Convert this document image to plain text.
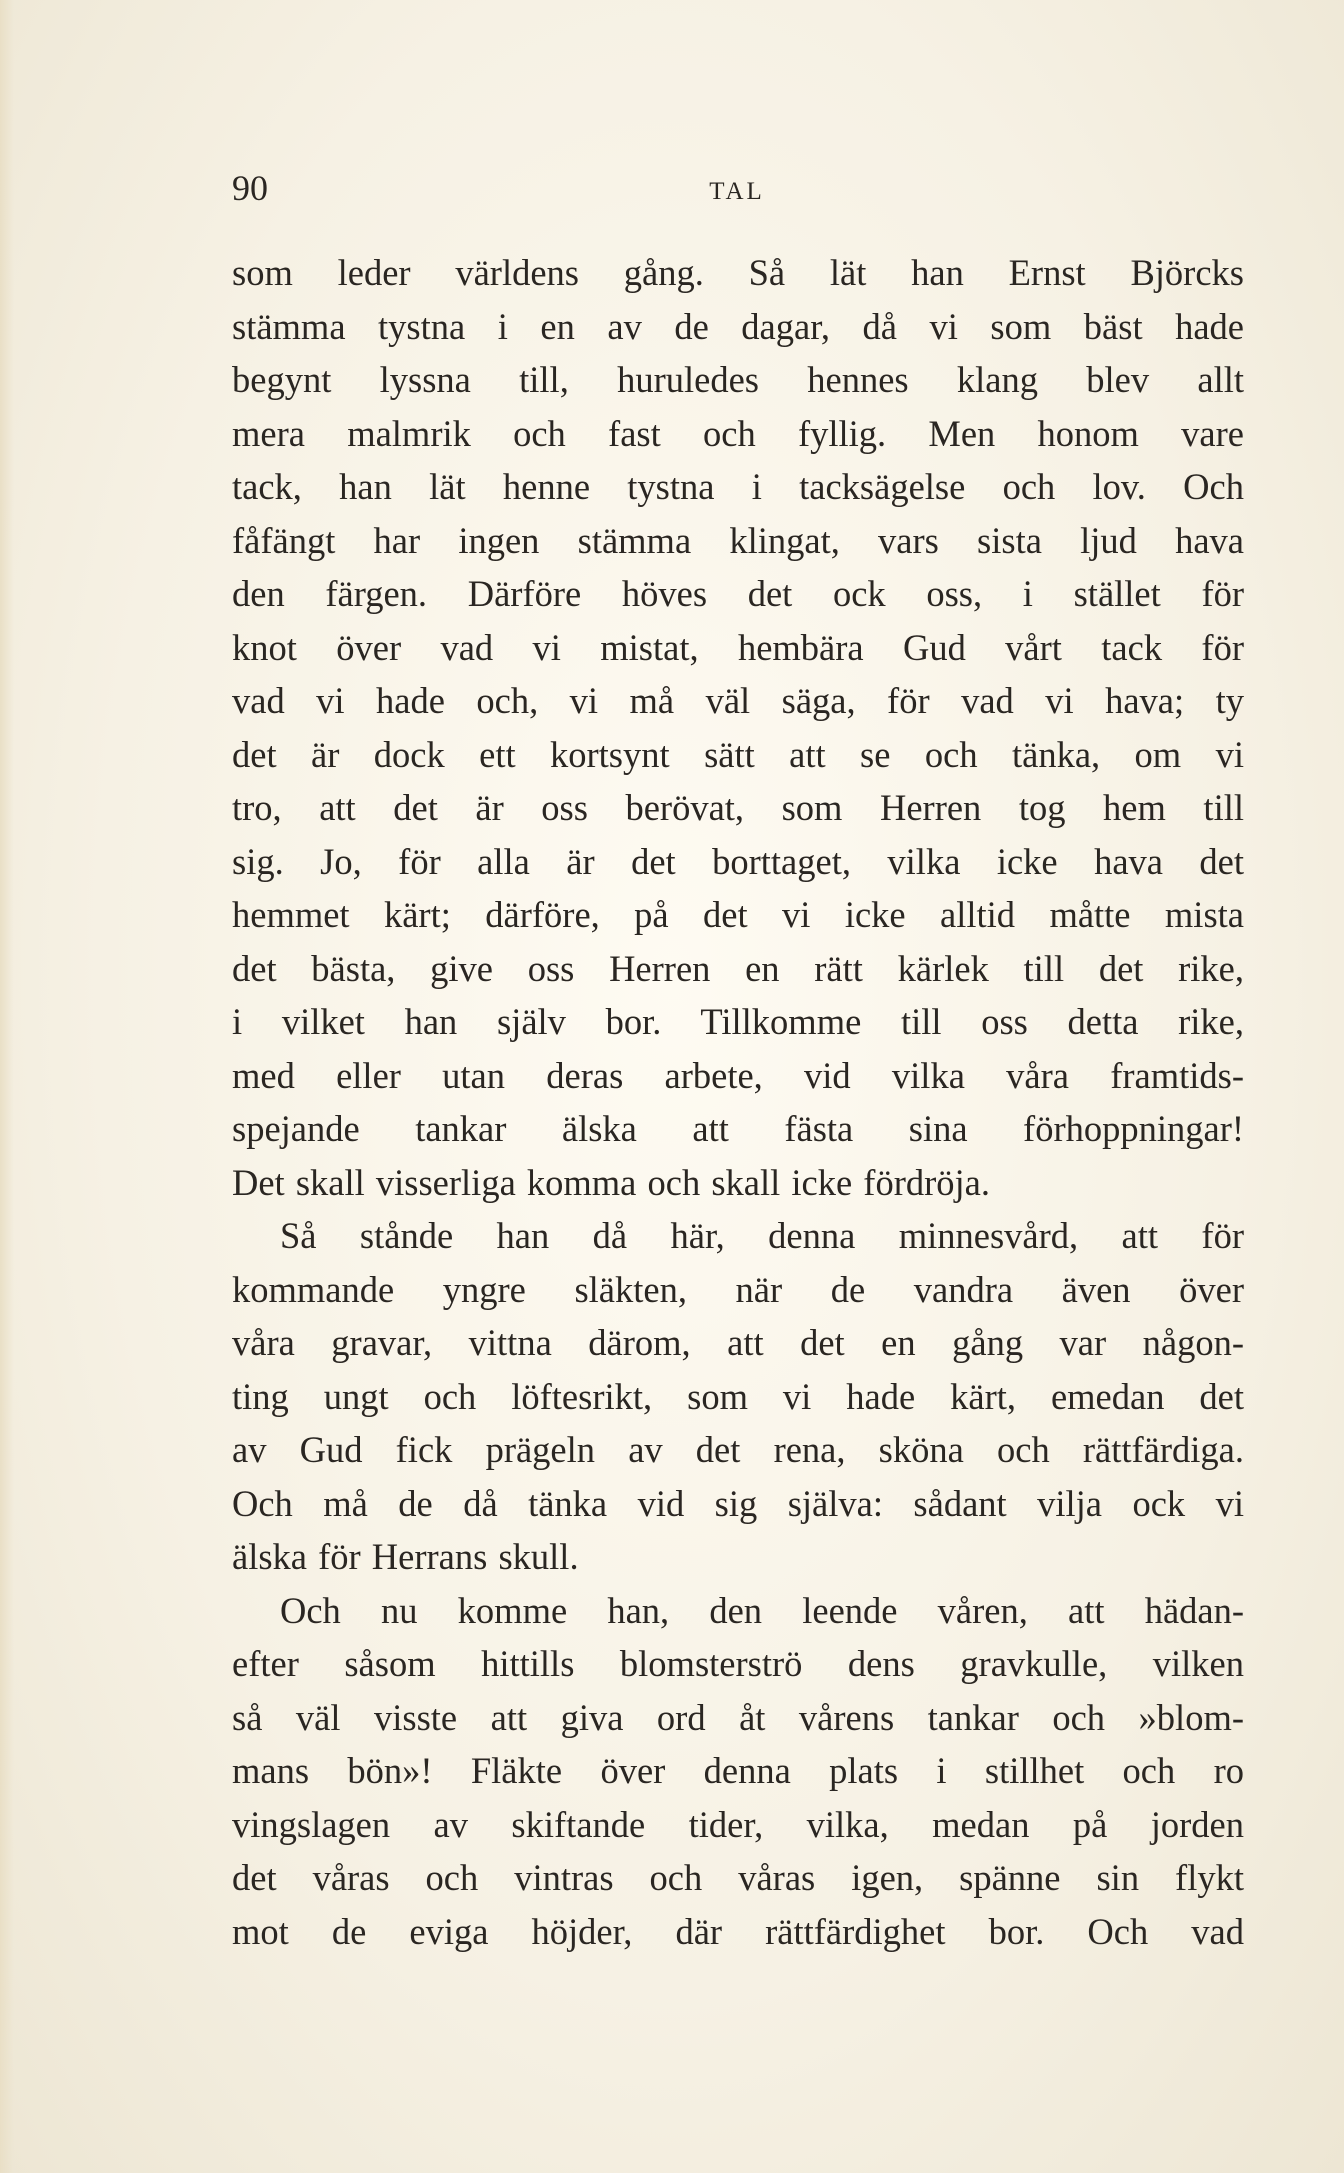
90	TAL
som leder världens gång. Så lät han Ernst Björcks
stämma tystna i en av de dagar, då vi som bäst hade
begynt lyssna till, huruledes hennes klang blev allt
mera malmrik och fast och fyllig. Men honom vare
tack, han lät henne tystna i tacksägelse och lov. Och
fåfängt har ingen stämma klingat, vars sista ljud hava
den färgen. Därföre höves det ock oss, i stället för
knot över vad vi mistat, hembära Gud vårt tack för
vad vi hade och, vi må väl säga, för vad vi hava; ty
det är dock ett kortsynt sätt att se och tänka, om vi
tro, att det är oss berövat, som Herren tog hem till
sig. Jo, för alla är det borttaget, vilka icke hava det
hemmet kärt; därföre, på det vi icke alltid måtte mista
det bästa, give oss Herren en rätt kärlek till det rike,
i vilket han själv bor. Tillkomme till oss detta rike,
med eller utan deras arbete, vid vilka våra framtids-
spejande tankar älska att fästa sina förhoppningar!
Det skall visserliga komma och skall icke fördröja.
Så stånde han då här, denna minnesvård, att för
kommande yngre släkten, när de vandra även över
våra gravar, vittna därom, att det en gång var någon-
ting ungt och löftesrikt, som vi hade kärt, emedan det
av Gud fick prägeln av det rena, sköna och rättfärdiga.
Och må de då tänka vid sig själva: sådant vilja ock vi
älska för Herrans skull.
Och nu komme han, den leende våren, att hädan-
efter såsom hittills blomsterströ dens gravkulle, vilken
så väl visste att giva ord åt vårens tankar och »blom-
mans bön»! Fläkte över denna plats i stillhet och ro
vingslagen av skiftande tider, vilka, medan på jorden
det våras och vintras och våras igen, spänne sin flykt
mot de eviga höjder, där rättfärdighet bor. Och vad
